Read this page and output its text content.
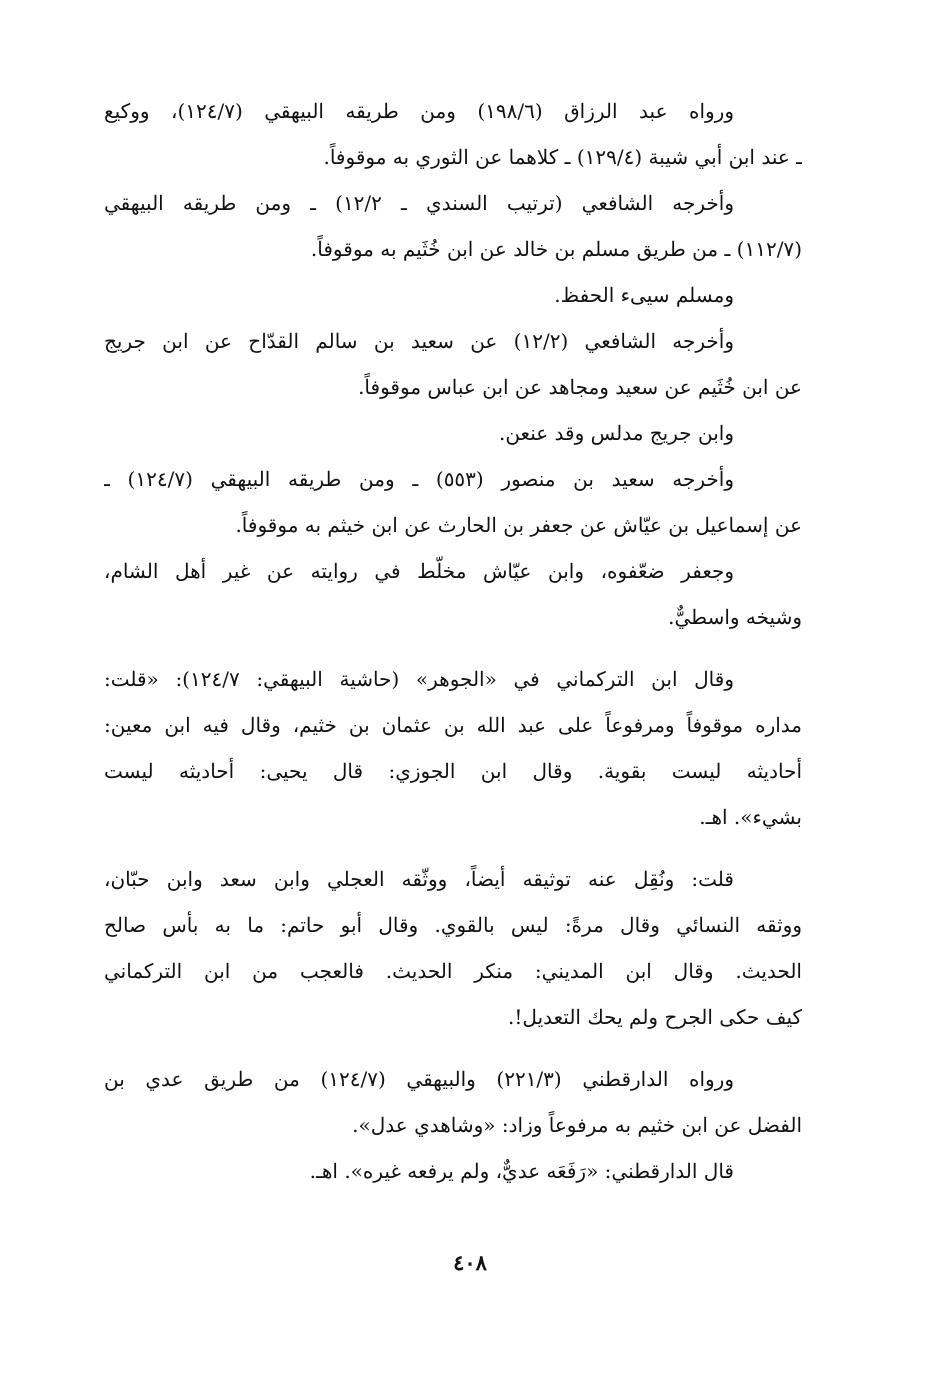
ورواه عبد الرزاق (١٩٨/٦) ومن طريقه البيهقي (١٢٤/٧)، ووكيع
ـ عند ابن أبي شيبة (١٢٩/٤) ـ كلاهما عن الثوري به موقوفاً.
وأخرجه الشافعي (ترتيب السندي ـ ١٢/٢) ـ ومن طريقه البيهقي
(١١٢/٧) ـ من طريق مسلم بن خالد عن ابن خُثَيم به موقوفاً.
ومسلم سيىء الحفظ.
وأخرجه الشافعي (١٢/٢) عن سعيد بن سالم القدّاح عن ابن جريج
عن ابن خُثَيم عن سعيد ومجاهد عن ابن عباس موقوفاً.
وابن جريج مدلس وقد عنعن.
وأخرجه سعيد بن منصور (٥٥٣) ـ ومن طريقه البيهقي (١٢٤/٧) ـ
عن إسماعيل بن عيّاش عن جعفر بن الحارث عن ابن خيثم به موقوفاً.
وجعفر ضعّفوه، وابن عيّاش مخلّط في روايته عن غير أهل الشام،
وشيخه واسطيٌّ.
وقال ابن التركماني في «الجوهر» (حاشية البيهقي: ١٢٤/٧): «قلت:
مداره موقوفاً ومرفوعاً على عبد الله بن عثمان بن خثيم، وقال فيه ابن معين:
أحاديثه ليست بقوية. وقال ابن الجوزي: قال يحيى: أحاديثه ليست
بشيء». اهـ.
قلت: ونُقِل عنه توثيقه أيضاً، ووثّقه العجلي وابن سعد وابن حبّان،
ووثقه النسائي وقال مرةً: ليس بالقوي. وقال أبو حاتم: ما به بأس صالح
الحديث. وقال ابن المديني: منكر الحديث. فالعجب من ابن التركماني
كيف حكى الجرح ولم يحك التعديل!.
ورواه الدارقطني (٢٢١/٣) والبيهقي (١٢٤/٧) من طريق عدي بن
الفضل عن ابن خثيم به مرفوعاً وزاد: «وشاهدي عدل».
قال الدارقطني: «رَفَعَه عديٌّ، ولم يرفعه غيره». اهـ.
٤٠٨
